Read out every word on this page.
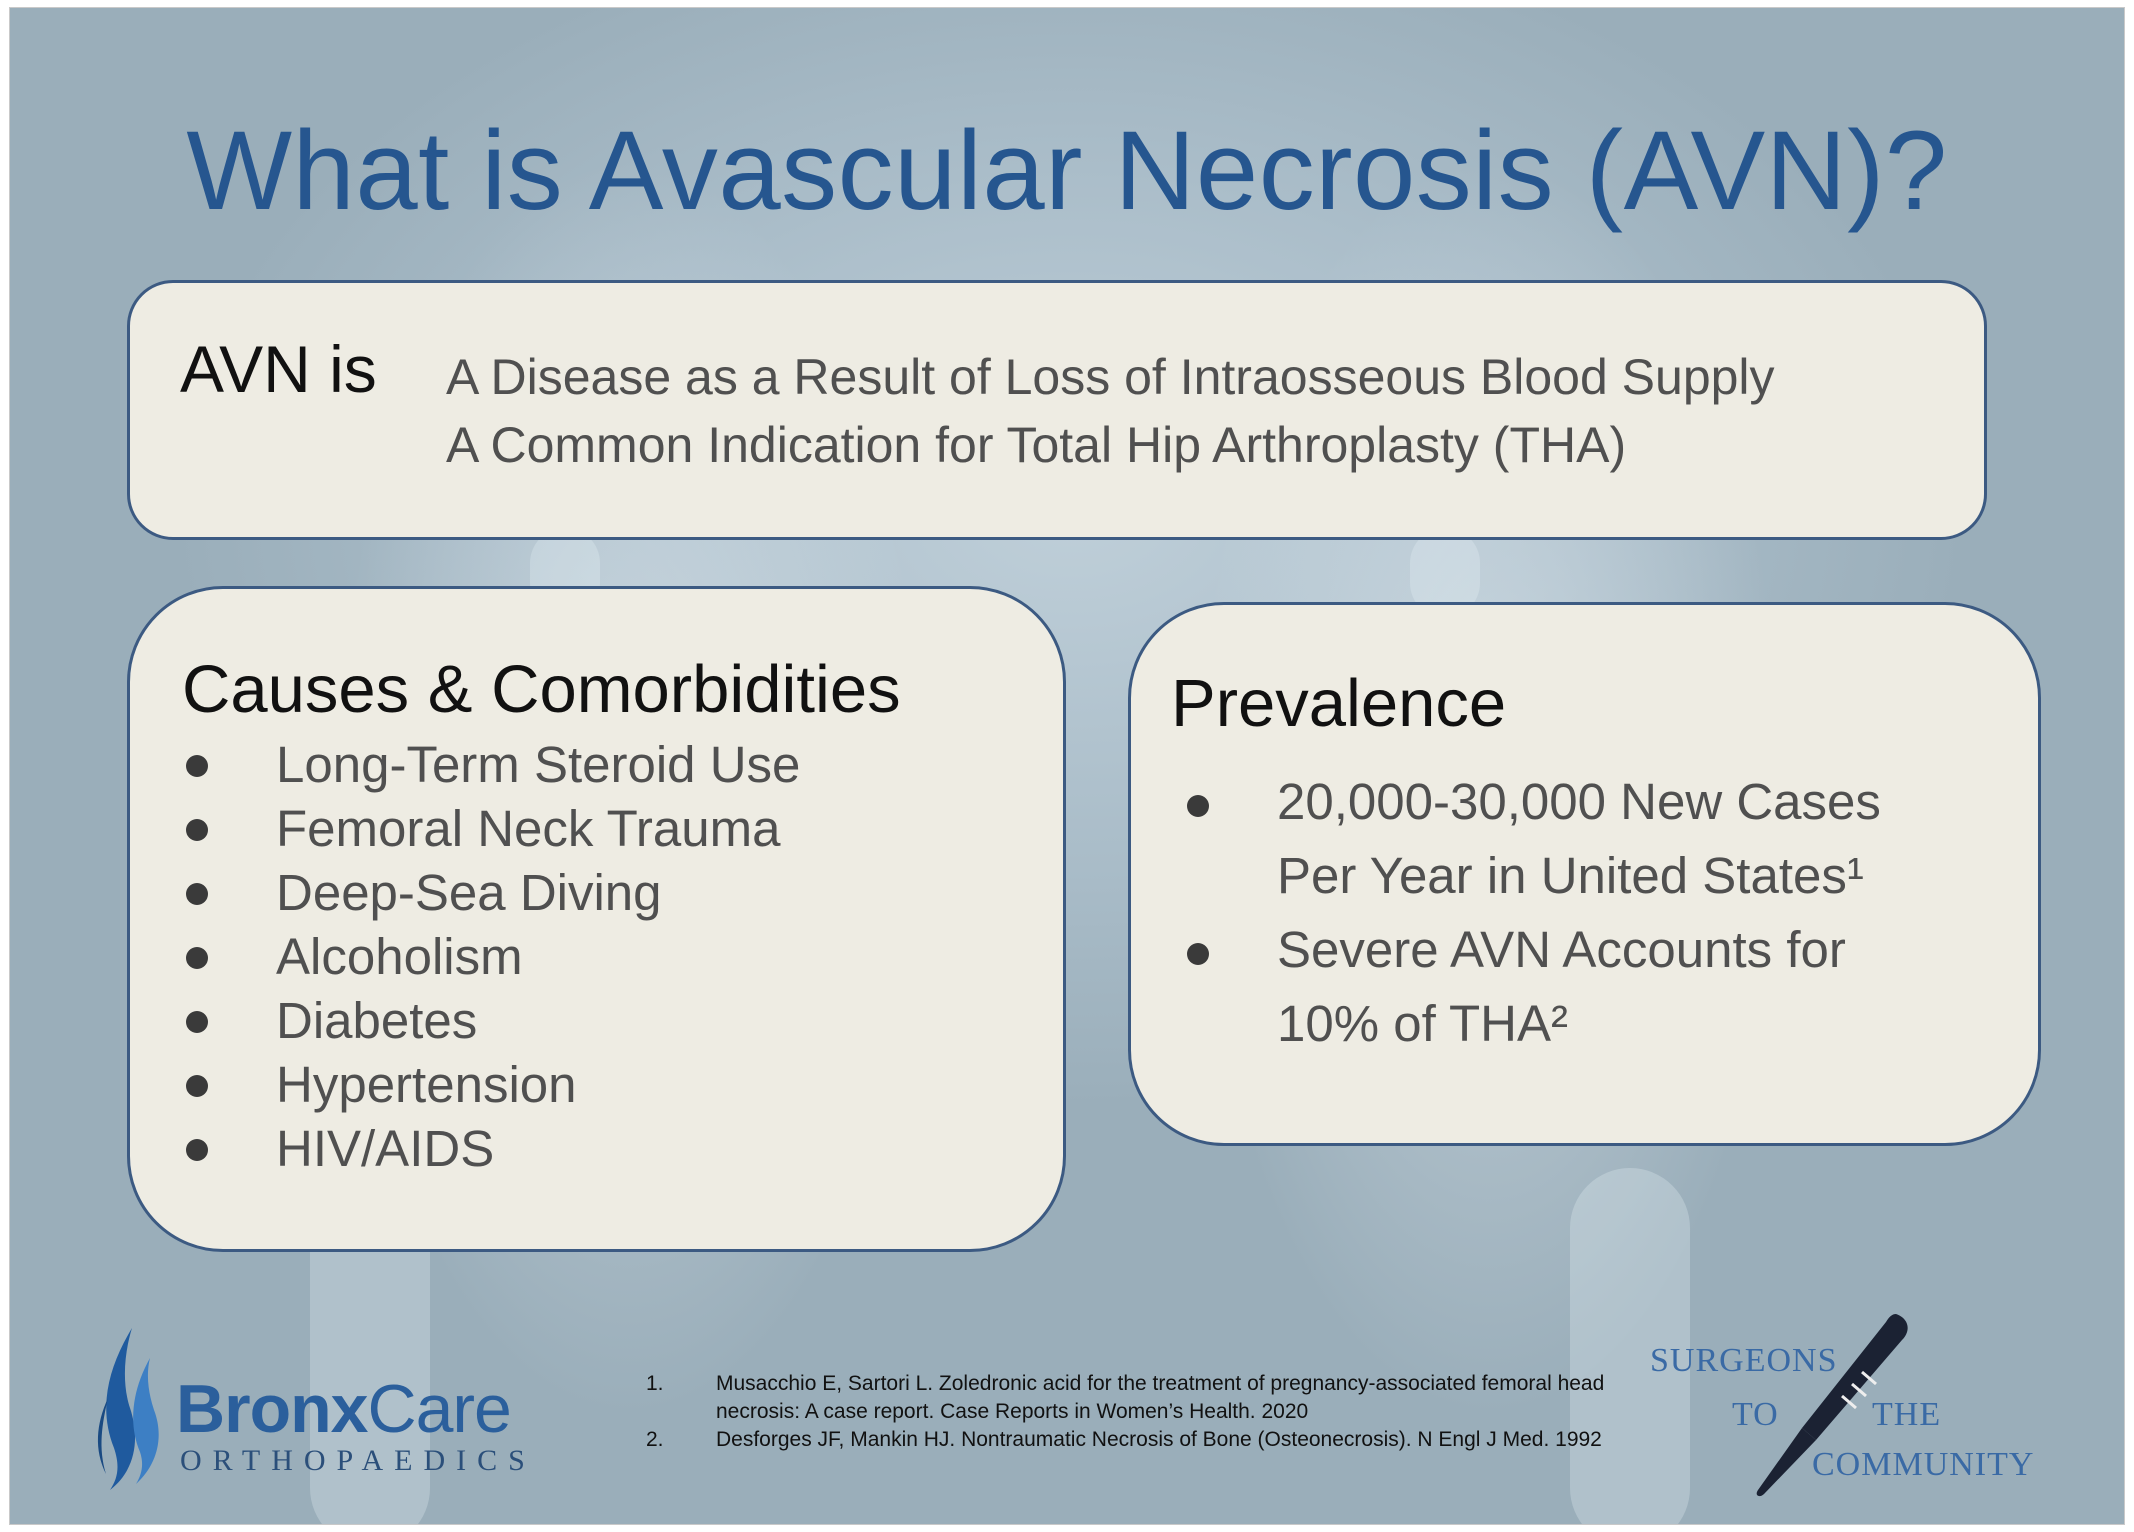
What is Avascular Necrosis (AVN)?
AVN is A Disease as a Result of Loss of Intraosseous Blood Supply
A Common Indication for Total Hip Arthroplasty (THA)
Causes & Comorbidities
Long-Term Steroid Use
Femoral Neck Trauma
Deep-Sea Diving
Alcoholism
Diabetes
Hypertension
HIV/AIDS
Prevalence
20,000-30,000 New Cases Per Year in United States¹
Severe AVN Accounts for 10% of THA²
BronxCare
ORTHOPAEDICS
1. Musacchio E, Sartori L. Zoledronic acid for the treatment of pregnancy-associated femoral head necrosis: A case report. Case Reports in Women’s Health. 2020
2. Desforges JF, Mankin HJ. Nontraumatic Necrosis of Bone (Osteonecrosis). N Engl J Med. 1992
SURGEONS
TO	THE
COMMUNITY
